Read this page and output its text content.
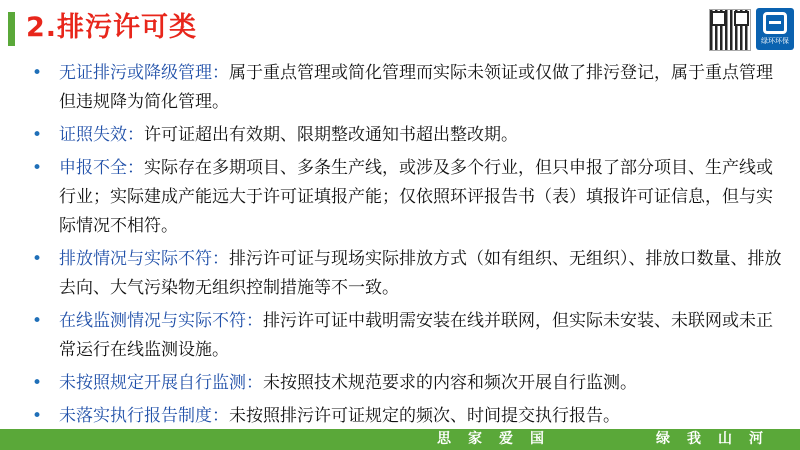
2.排污许可类	绿环环保
• 无证排污或降级管理：属于重点管理或简化管理而实际未领证或仅做了排污登记，属于重点管理但违规降为简化管理。
• 证照失效：许可证超出有效期、限期整改通知书超出整改期。
• 申报不全：实际存在多期项目、多条生产线，或涉及多个行业，但只申报了部分项目、生产线或行业；实际建成产能远大于许可证填报产能；仅依照环评报告书（表）填报许可证信息，但与实际情况不相符。
• 排放情况与实际不符：排污许可证与现场实际排放方式（如有组织、无组织）、排放口数量、排放去向、大气污染物无组织控制措施等不一致。
• 在线监测情况与实际不符：排污许可证中载明需安装在线并联网，但实际未安装、未联网或未正常运行在线监测设施。
• 未按照规定开展自行监测：未按照技术规范要求的内容和频次开展自行监测。
• 未落实执行报告制度：未按照排污许可证规定的频次、时间提交执行报告。
思家爱国	绿我山河
